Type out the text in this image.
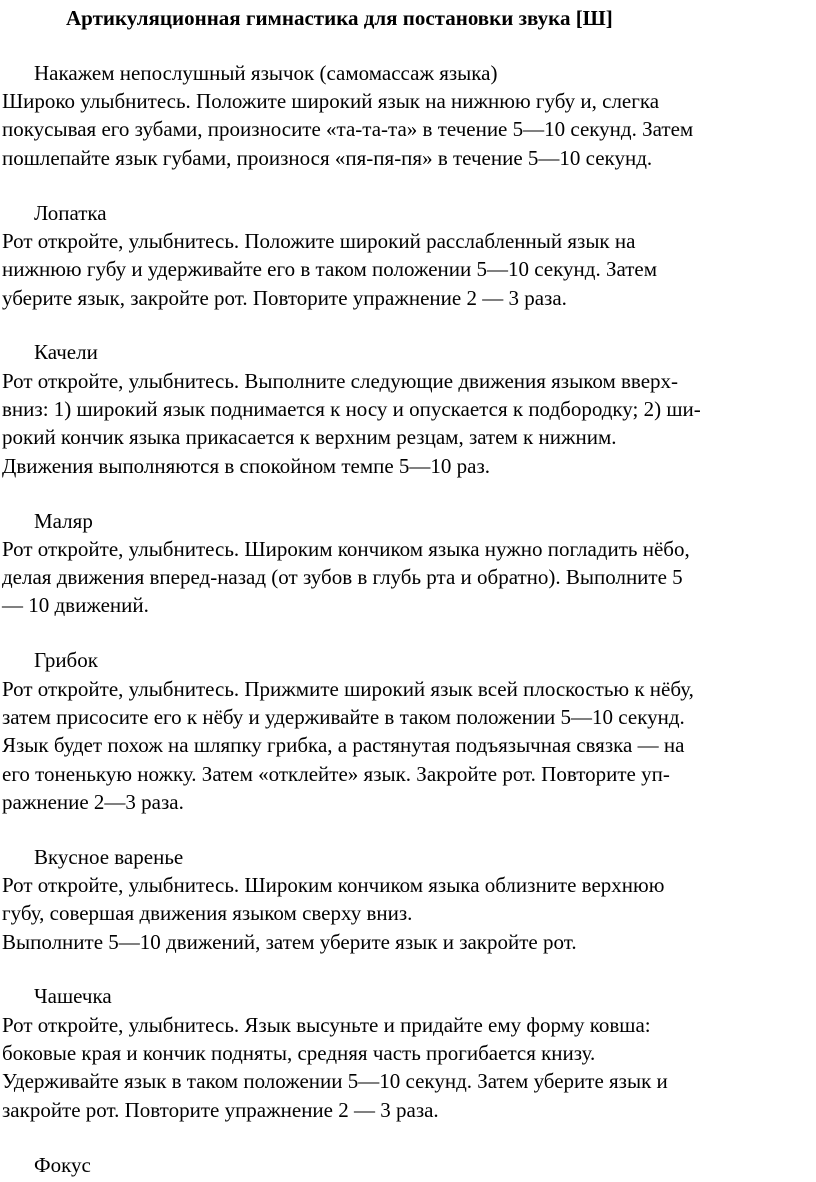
Артикуляционная гимнастика для постановки звука [Ш]
Накажем непослушный язычок (самомассаж языка)
Широко улыбнитесь. Положите широкий язык на нижнюю губу и, слегка
покусывая его зубами, произносите «та-та-та» в течение 5—10 секунд. Затем
пошлепайте язык губами, произнося «пя-пя-пя» в течение 5—10 секунд.
Лопатка
Рот откройте, улыбнитесь. Положите широкий расслабленный язык на
нижнюю губу и удерживайте его в таком положении 5—10 секунд. Затем
уберите язык, закройте рот. Повторите упражнение 2 — 3 раза.
Качели
Рот откройте, улыбнитесь. Выполните следующие движения языком вверх-
вниз: 1) широкий язык поднимается к носу и опускается к подбородку; 2) ши-
рокий кончик языка прикасается к верхним резцам, затем к нижним.
Движения выполняются в спокойном темпе 5—10 раз.
Маляр
Рот откройте, улыбнитесь. Широким кончиком языка нужно погладить нёбо,
делая движения вперед-назад (от зубов в глубь рта и обратно). Выполните 5
— 10 движений.
Грибок
Рот откройте, улыбнитесь. Прижмите широкий язык всей плоскостью к нёбу,
затем присосите его к нёбу и удерживайте в таком положении 5—10 секунд.
Язык будет похож на шляпку грибка, а растянутая подъязычная связка — на
его тоненькую ножку. Затем «отклейте» язык. Закройте рот. Повторите уп-
ражнение 2—3 раза.
Вкусное варенье
Рот откройте, улыбнитесь. Широким кончиком языка облизните верхнюю
губу, совершая движения языком сверху вниз.
Выполните 5—10 движений, затем уберите язык и закройте рот.
Чашечка
Рот откройте, улыбнитесь. Язык высуньте и придайте ему форму ковша:
боковые края и кончик подняты, средняя часть прогибается книзу.
Удерживайте язык в таком положении 5—10 секунд. Затем уберите язык и
закройте рот. Повторите упражнение 2 — 3 раза.
Фокус
